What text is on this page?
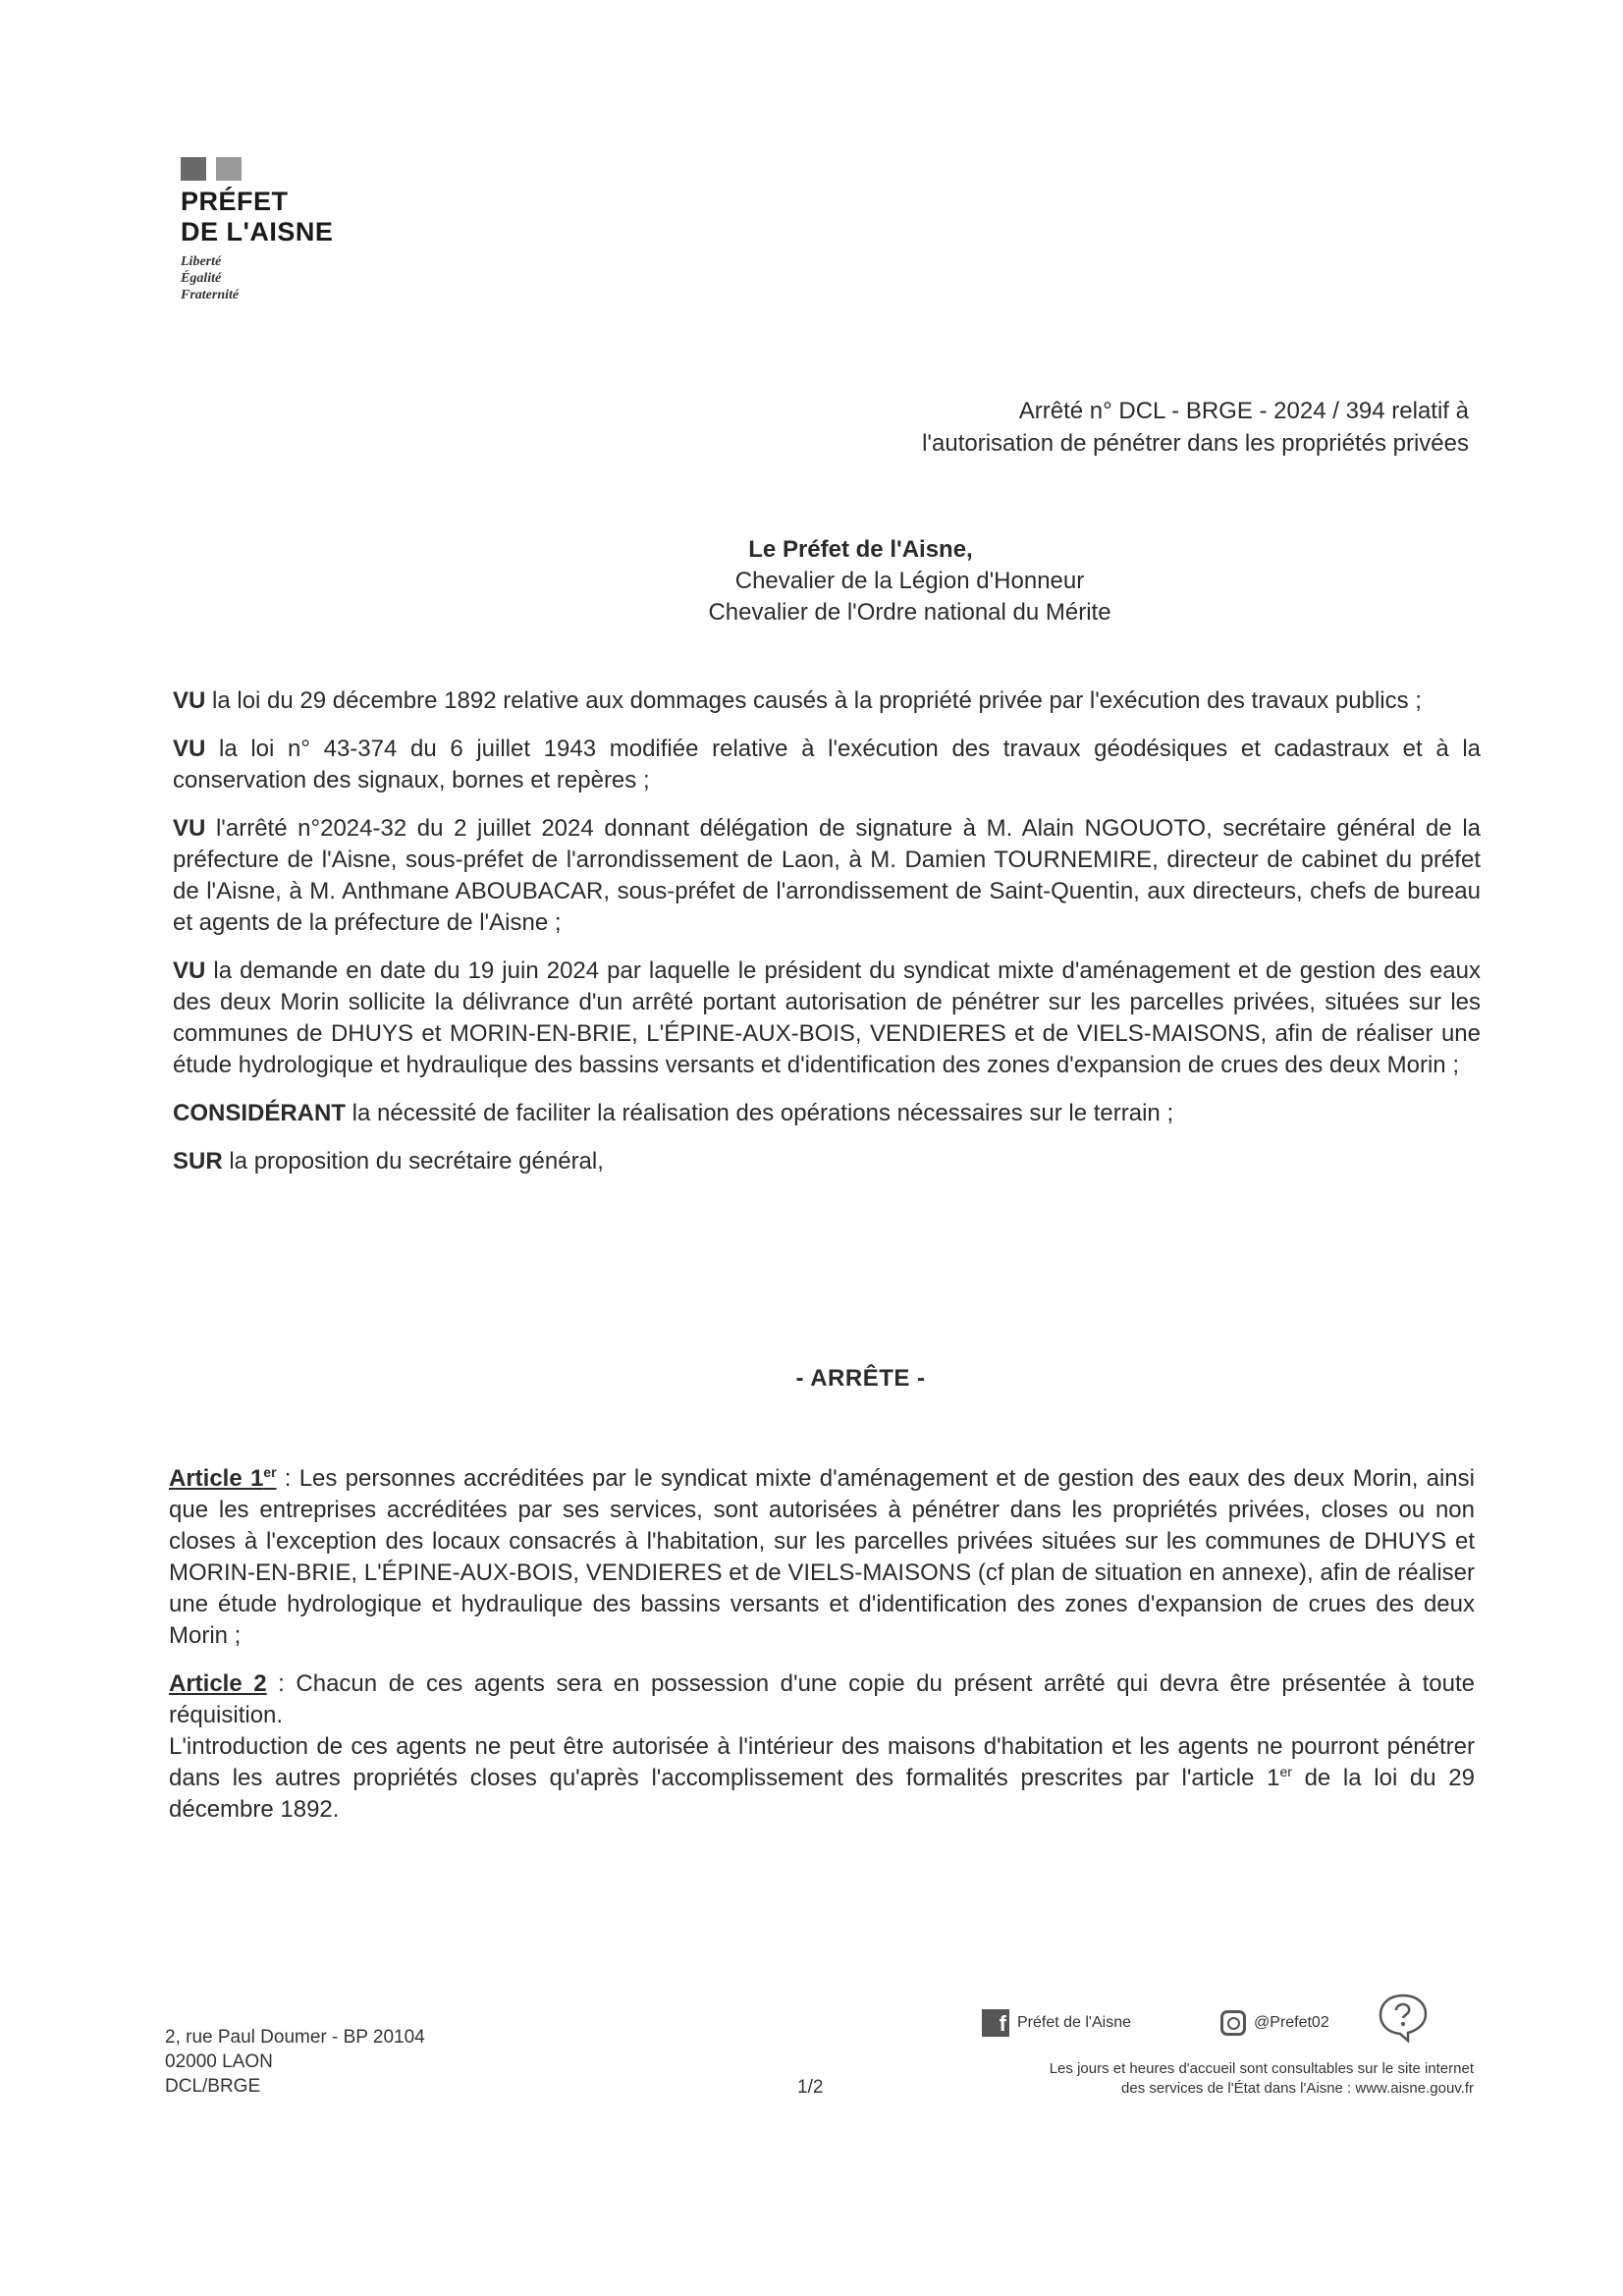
PRÉFET
DE L'AISNE
Liberté
Égalité
Fraternité
Arrêté n° DCL - BRGE - 2024 / 394 relatif à
l'autorisation de pénétrer dans les propriétés privées
Le Préfet de l'Aisne,
Chevalier de la Légion d'Honneur
Chevalier de l'Ordre national du Mérite

VU la loi du 29 décembre 1892 relative aux dommages causés à la propriété privée par l'exécution des travaux publics ;

VU la loi n° 43-374 du 6 juillet 1943 modifiée relative à l'exécution des travaux géodésiques et cadastraux et à la conservation des signaux, bornes et repères ;

VU l'arrêté n°2024-32 du 2 juillet 2024 donnant délégation de signature à M. Alain NGOUOTO, secrétaire général de la préfecture de l'Aisne, sous-préfet de l'arrondissement de Laon, à M. Damien TOURNEMIRE, directeur de cabinet du préfet de l'Aisne, à M. Anthmane ABOUBACAR, sous-préfet de l'arrondissement de Saint-Quentin, aux directeurs, chefs de bureau et agents de la préfecture de l'Aisne ;

VU la demande en date du 19 juin 2024 par laquelle le président du syndicat mixte d'aménagement et de gestion des eaux des deux Morin sollicite la délivrance d'un arrêté portant autorisation de pénétrer sur les parcelles privées, situées sur les communes de DHUYS et MORIN-EN-BRIE, L'ÉPINE-AUX-BOIS, VENDIERES et de VIELS-MAISONS, afin de réaliser une étude hydrologique et hydraulique des bassins versants et d'identification des zones d'expansion de crues des deux Morin ;

CONSIDÉRANT la nécessité de faciliter la réalisation des opérations nécessaires sur le terrain ;

SUR la proposition du secrétaire général,

- ARRÊTE -

Article 1er : Les personnes accréditées par le syndicat mixte d'aménagement et de gestion des eaux des deux Morin, ainsi que les entreprises accréditées par ses services, sont autorisées à pénétrer dans les propriétés privées, closes ou non closes à l'exception des locaux consacrés à l'habitation, sur les parcelles privées situées sur les communes de DHUYS et MORIN-EN-BRIE, L'ÉPINE-AUX-BOIS, VENDIERES et de VIELS-MAISONS (cf plan de situation en annexe), afin de réaliser une étude hydrologique et hydraulique des bassins versants et d'identification des zones d'expansion de crues des deux Morin ;

Article 2 : Chacun de ces agents sera en possession d'une copie du présent arrêté qui devra être présentée à toute réquisition.

L'introduction de ces agents ne peut être autorisée à l'intérieur des maisons d'habitation et les agents ne pourront pénétrer dans les autres propriétés closes qu'après l'accomplissement des formalités prescrites par l'article 1er de la loi du 29 décembre 1892.

2, rue Paul Doumer - BP 20104
02000 LAON
DCL/BRGE	1/2
f Préfet de l'Aisne	@Prefet02
Les jours et heures d'accueil sont consultables sur le site internet
des services de l'État dans l'Aisne : www.aisne.gouv.fr
